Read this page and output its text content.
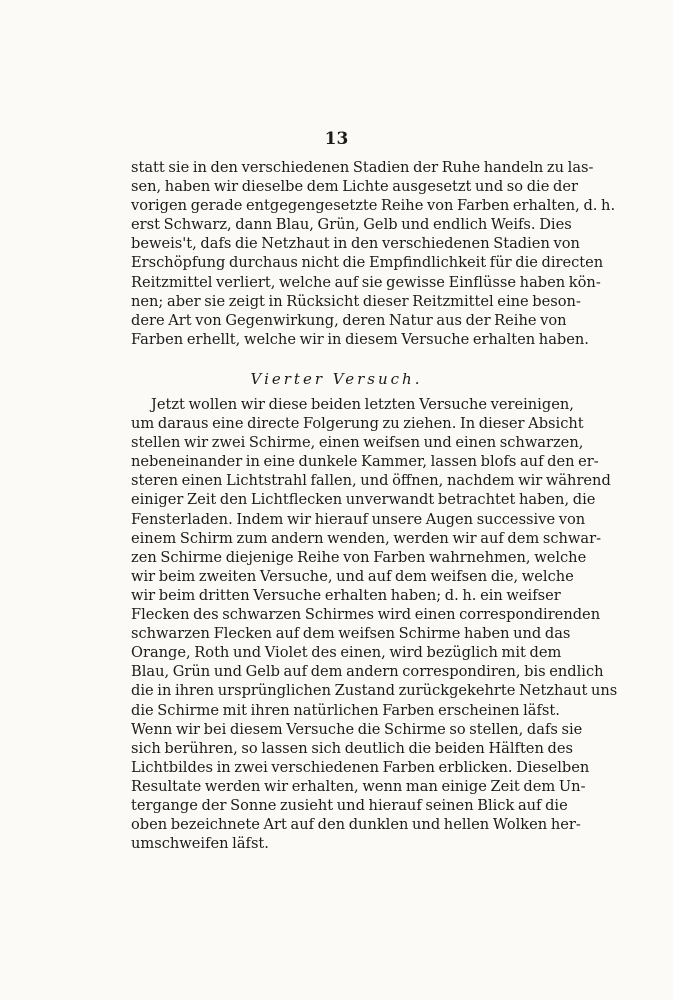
13
statt sie in den verschiedenen Stadien der Ruhe handeln zu las-
sen, haben wir dieselbe dem Lichte ausgesetzt und so die der
vorigen gerade entgegengesetzte Reihe von Farben erhalten, d. h.
erst Schwarz, dann Blau, Grün, Gelb und endlich Weifs. Dies
beweis't, dafs die Netzhaut in den verschiedenen Stadien von
Erschöpfung durchaus nicht die Empfindlichkeit für die directen
Reitzmittel verliert, welche auf sie gewisse Einflüsse haben kön-
nen; aber sie zeigt in Rücksicht dieser Reitzmittel eine beson-
dere Art von Gegenwirkung, deren Natur aus der Reihe von
Farben erhellt, welche wir in diesem Versuche erhalten haben.
Vierter Versuch.
Jetzt wollen wir diese beiden letzten Versuche vereinigen,
um daraus eine directe Folgerung zu ziehen. In dieser Absicht
stellen wir zwei Schirme, einen weifsen und einen schwarzen,
nebeneinander in eine dunkele Kammer, lassen blofs auf den er-
steren einen Lichtstrahl fallen, und öffnen, nachdem wir während
einiger Zeit den Lichtflecken unverwandt betrachtet haben, die
Fensterladen. Indem wir hierauf unsere Augen successive von
einem Schirm zum andern wenden, werden wir auf dem schwar-
zen Schirme diejenige Reihe von Farben wahrnehmen, welche
wir beim zweiten Versuche, und auf dem weifsen die, welche
wir beim dritten Versuche erhalten haben; d. h. ein weifser
Flecken des schwarzen Schirmes wird einen correspondirenden
schwarzen Flecken auf dem weifsen Schirme haben und das
Orange, Roth und Violet des einen, wird bezüglich mit dem
Blau, Grün und Gelb auf dem andern correspondiren, bis endlich
die in ihren ursprünglichen Zustand zurückgekehrte Netzhaut uns
die Schirme mit ihren natürlichen Farben erscheinen läfst.
Wenn wir bei diesem Versuche die Schirme so stellen, dafs sie
sich berühren, so lassen sich deutlich die beiden Hälften des
Lichtbildes in zwei verschiedenen Farben erblicken. Dieselben
Resultate werden wir erhalten, wenn man einige Zeit dem Un-
tergange der Sonne zusieht und hierauf seinen Blick auf die
oben bezeichnete Art auf den dunklen und hellen Wolken her-
umschweifen läfst.
